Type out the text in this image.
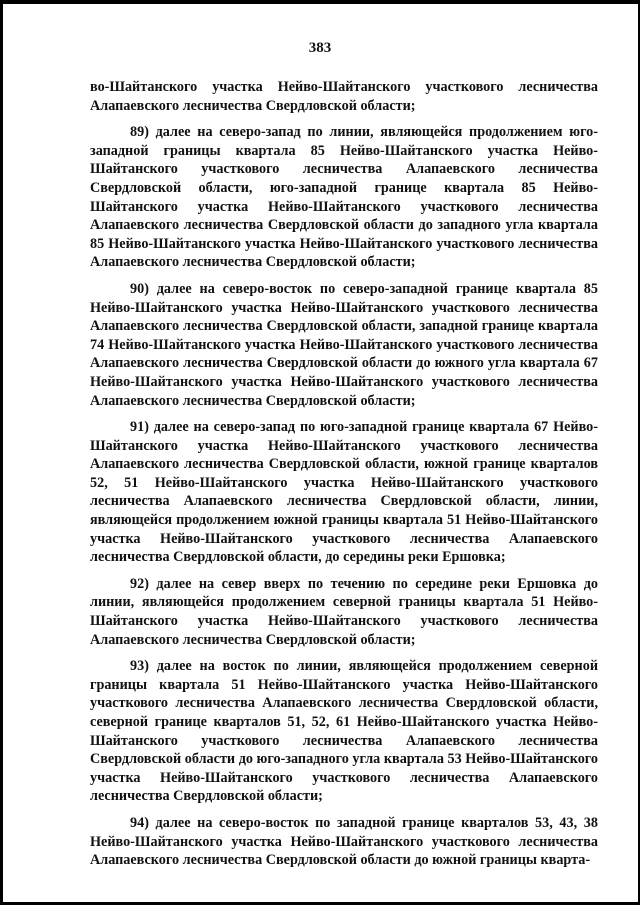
383

во-Шайтанского участка Нейво-Шайтанского участкового лесничества Алапаевского лесничества Свердловской области;

89) далее на северо-запад по линии, являющейся продолжением юго-западной границы квартала 85 Нейво-Шайтанского участка Нейво-Шайтанского участкового лесничества Алапаевского лесничества Свердловской области, юго-западной границе квартала 85 Нейво-Шайтанского участка Нейво-Шайтанского участкового лесничества Алапаевского лесничества Свердловской области до западного угла квартала 85 Нейво-Шайтанского участка Нейво-Шайтанского участкового лесничества Алапаевского лесничества Свердловской области;

90) далее на северо-восток по северо-западной границе квартала 85 Нейво-Шайтанского участка Нейво-Шайтанского участкового лесничества Алапаевского лесничества Свердловской области, западной границе квартала 74 Нейво-Шайтанского участка Нейво-Шайтанского участкового лесничества Алапаевского лесничества Свердловской области до южного угла квартала 67 Нейво-Шайтанского участка Нейво-Шайтанского участкового лесничества Алапаевского лесничества Свердловской области;

91) далее на северо-запад по юго-западной границе квартала 67 Нейво-Шайтанского участка Нейво-Шайтанского участкового лесничества Алапаевского лесничества Свердловской области, южной границе кварталов 52, 51 Нейво-Шайтанского участка Нейво-Шайтанского участкового лесничества Алапаевского лесничества Свердловской области, линии, являющейся продолжением южной границы квартала 51 Нейво-Шайтанского участка Нейво-Шайтанского участкового лесничества Алапаевского лесничества Свердловской области, до середины реки Ершовка;

92) далее на север вверх по течению по середине реки Ершовка до линии, являющейся продолжением северной границы квартала 51 Нейво-Шайтанского участка Нейво-Шайтанского участкового лесничества Алапаевского лесничества Свердловской области;

93) далее на восток по линии, являющейся продолжением северной границы квартала 51 Нейво-Шайтанского участка Нейво-Шайтанского участкового лесничества Алапаевского лесничества Свердловской области, северной границе кварталов 51, 52, 61 Нейво-Шайтанского участка Нейво-Шайтанского участкового лесничества Алапаевского лесничества Свердловской области до юго-западного угла квартала 53 Нейво-Шайтанского участка Нейво-Шайтанского участкового лесничества Алапаевского лесничества Свердловской области;

94) далее на северо-восток по западной границе кварталов 53, 43, 38 Нейво-Шайтанского участка Нейво-Шайтанского участкового лесничества Алапаевского лесничества Свердловской области до южной границы кварта-
